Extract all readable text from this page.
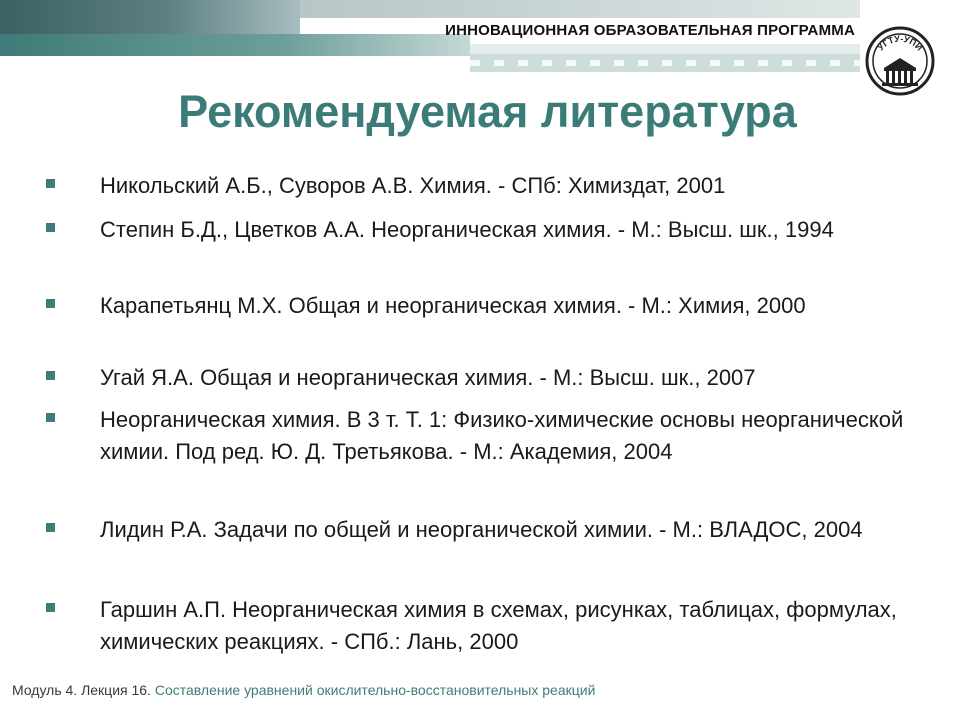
ИННОВАЦИОННАЯ ОБРАЗОВАТЕЛЬНАЯ ПРОГРАММА
УГТУ-УПИ
Рекомендуемая литература
Никольский А.Б., Суворов А.В. Химия. - СПб: Химиздат, 2001
Степин Б.Д., Цветков А.А. Неорганическая химия. - М.: Высш. шк., 1994
Карапетьянц М.Х. Общая и неорганическая химия. - М.: Химия, 2000
Угай Я.А. Общая и неорганическая химия. - М.: Высш. шк., 2007
Неорганическая химия. В 3 т. Т. 1: Физико-химические основы неорганической химии. Под ред. Ю. Д. Третьякова. - М.: Академия, 2004
Лидин Р.А. Задачи по общей и неорганической химии. - М.: ВЛАДОС, 2004
Гаршин А.П. Неорганическая химия в схемах, рисунках, таблицах, формулах, химических реакциях. - СПб.: Лань, 2000
Модуль 4. Лекция 16. Составление уравнений окислительно-восстановительных реакций
